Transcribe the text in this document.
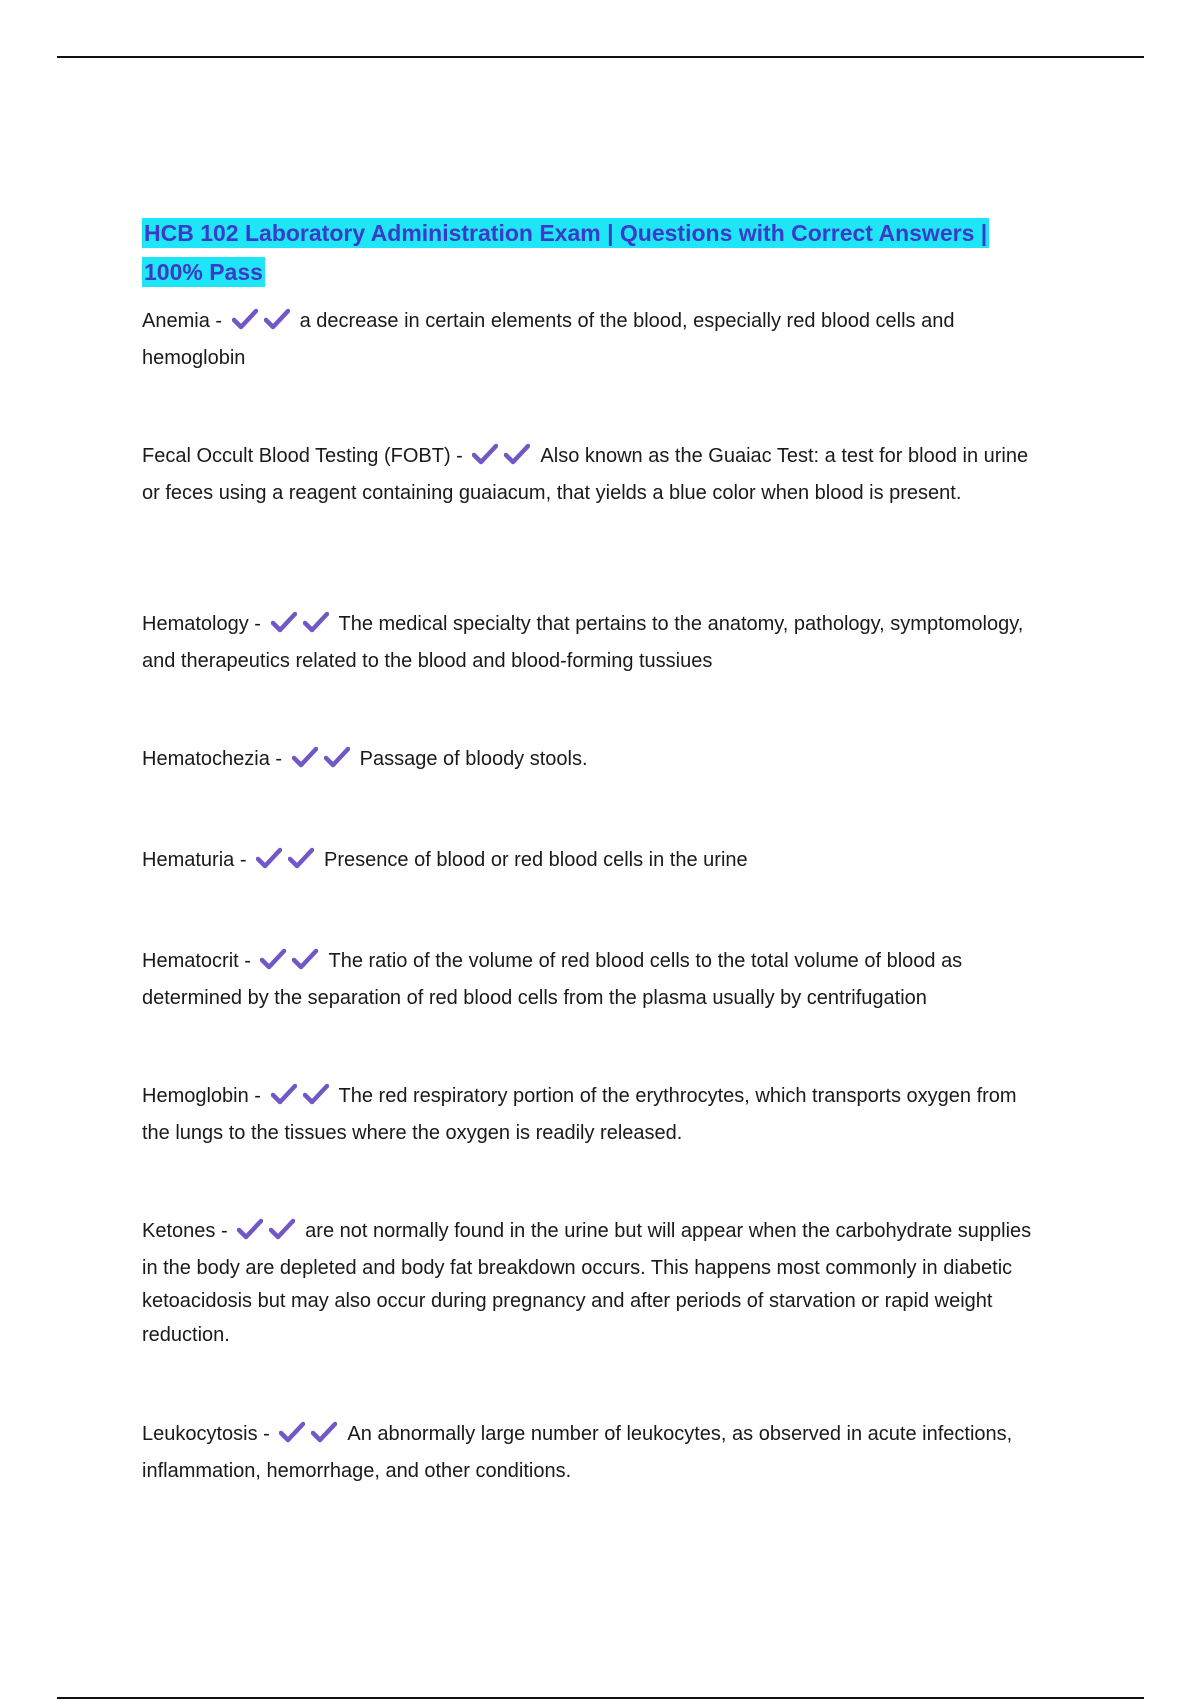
HCB 102 Laboratory Administration Exam | Questions with Correct Answers | 100% Pass

Anemia -	a decrease in certain elements of the blood, especially red blood cells and hemoglobin

Fecal Occult Blood Testing (FOBT) -	Also known as the Guaiac Test: a test for blood in urine or feces using a reagent containing guaiacum, that yields a blue color when blood is present.

Hematology -	The medical specialty that pertains to the anatomy, pathology, symptomology, and therapeutics related to the blood and blood-forming tussiues

Hematochezia -	Passage of bloody stools.

Hematuria -	Presence of blood or red blood cells in the urine

Hematocrit -	The ratio of the volume of red blood cells to the total volume of blood as determined by the separation of red blood cells from the plasma usually by centrifugation

Hemoglobin -	The red respiratory portion of the erythrocytes, which transports oxygen from the lungs to the tissues where the oxygen is readily released.

Ketones -	are not normally found in the urine but will appear when the carbohydrate supplies in the body are depleted and body fat breakdown occurs. This happens most commonly in diabetic ketoacidosis but may also occur during pregnancy and after periods of starvation or rapid weight reduction.

Leukocytosis -	An abnormally large number of leukocytes, as observed in acute infections, inflammation, hemorrhage, and other conditions.
